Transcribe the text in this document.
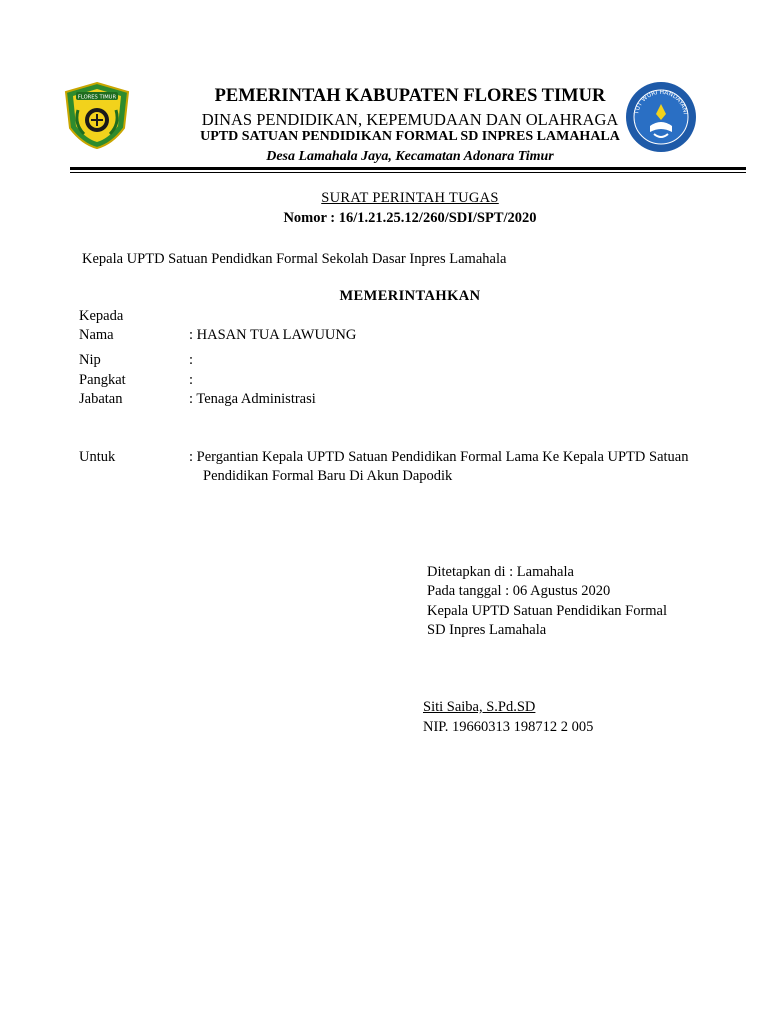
FLORES TIMUR
TUT WURI HANDAYANI
PEMERINTAH KABUPATEN FLORES TIMUR
DINAS PENDIDIKAN, KEPEMUDAAN DAN OLAHRAGA
UPTD SATUAN PENDIDIKAN FORMAL SD INPRES LAMAHALA
Desa Lamahala Jaya, Kecamatan Adonara Timur
SURAT PERINTAH TUGAS
Nomor : 16/1.21.25.12/260/SDI/SPT/2020
Kepala UPTD Satuan Pendidkan Formal Sekolah Dasar Inpres Lamahala
MEMERINTAHKAN
Kepada
Nama	: HASAN TUA LAWUUNG
Nip	:
Pangkat	:
Jabatan	: Tenaga Administrasi
Untuk	: Pergantian Kepala UPTD Satuan Pendidikan Formal Lama Ke Kepala UPTD Satuan
Pendidikan Formal Baru Di Akun Dapodik
Ditetapkan di : Lamahala
Pada tanggal : 06 Agustus 2020
Kepala UPTD Satuan Pendidikan Formal
SD Inpres Lamahala
Siti Saiba, S.Pd.SD
NIP. 19660313 198712 2 005
